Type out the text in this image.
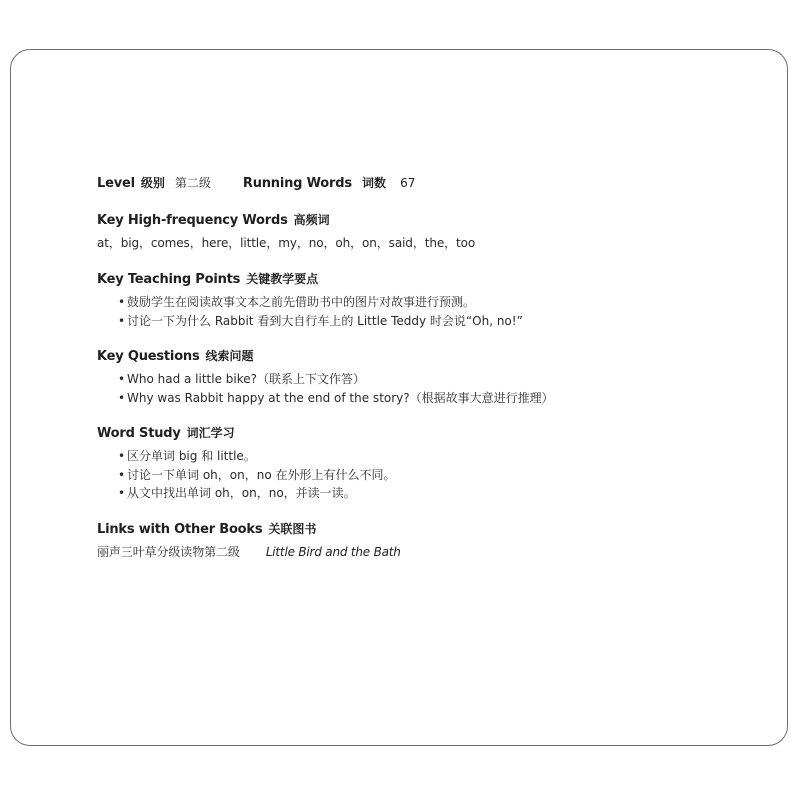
Level 级别 第二级 Running Words 词数 67
Key High-frequency Words 高频词
at，big，comes，here，little，my，no，oh，on，said，the，too
Key Teaching Points 关键教学要点
• 鼓励学生在阅读故事文本之前先借助书中的图片对故事进行预测。
• 讨论一下为什么 Rabbit 看到大自行车上的 Little Teddy 时会说“Oh, no!”
Key Questions 线索问题
• Who had a little bike?（联系上下文作答）
• Why was Rabbit happy at the end of the story?（根据故事大意进行推理）
Word Study 词汇学习
• 区分单词 big 和 little。
• 讨论一下单词 oh，on，no 在外形上有什么不同。
• 从文中找出单词 oh，on，no，并读一读。
Links with Other Books 关联图书
丽声三叶草分级读物第二级 Little Bird and the Bath
